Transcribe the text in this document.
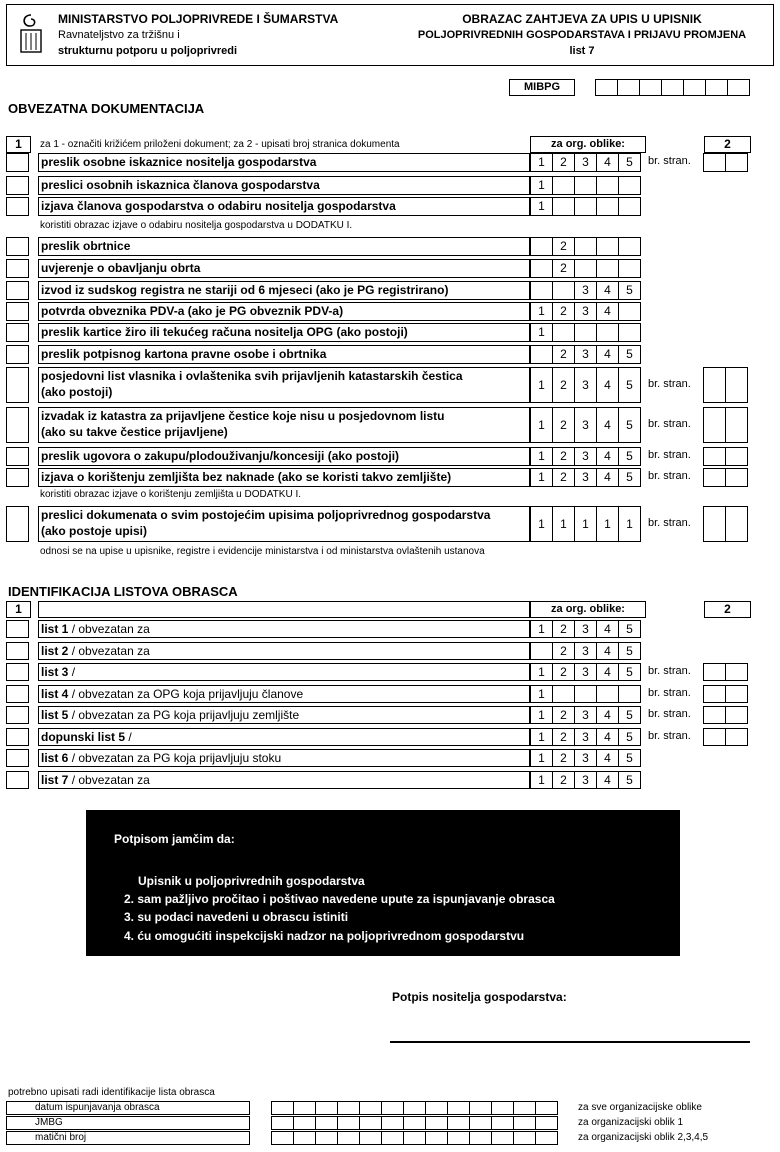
MINISTARSTVO POLJOPRIVREDE I ŠUMARSTVA
Ravnateljstvo za tržišnu i
strukturnu potporu u poljoprivredi
OBRAZAC ZAHTJEVA ZA UPIS U UPISNIK
POLJOPRIVREDNIH GOSPODARSTAVA I PRIJAVU PROMJENA
list 7
MIBPG
OBVEZATNA DOKUMENTACIJA
1	za 1 - označiti križićem priloženi dokument; za 2 - upisati broj stranica dokumenta	za org. oblike:	2
preslik osobne iskaznice nositelja gospodarstva	1	2	3	4	5	br. stran.
preslici osobnih iskaznica članova gospodarstva	1
izjava članova gospodarstva o odabiru nositelja gospodarstva	1
preslik obrtnice	2
uvjerenje o obavljanju obrta	2
izvod iz sudskog registra ne stariji od 6 mjeseci (ako je PG registrirano)	3	4	5
potvrda obveznika PDV-a (ako je PG obveznik PDV-a)	1	2	3	4
preslik kartice žiro ili tekućeg računa nositelja OPG (ako postoji)	1
preslik potpisnog kartona pravne osobe i obrtnika	2	3	4	5
posjedovni list vlasnika i ovlaštenika svih prijavljenih katastarskih čestica
(ako postoji)	1	2	3	4	5	br. stran.
izvadak iz katastra za prijavljene čestice koje nisu u posjedovnom listu
(ako su takve čestice prijavljene)	1	2	3	4	5	br. stran.
preslik ugovora o zakupu/plodouživanju/koncesiji (ako postoji)	1	2	3	4	5	br. stran.
izjava o korištenju zemljišta bez naknade (ako se koristi takvo zemljište)	1	2	3	4	5	br. stran.
preslici dokumenata o svim postojećim upisima poljoprivrednog gospodarstva
(ako postoje upisi)	1	1	1	1	1	br. stran.
koristiti obrazac izjave o odabiru nositelja gospodarstva u DODATKU I.
koristiti obrazac izjave o korištenju zemljišta u DODATKU I.
odnosi se na upise u upisnike, registre i evidencije ministarstva i od ministarstva ovlaštenih ustanova
IDENTIFIKACIJA LISTOVA OBRASCA
1	za org. oblike:	2
list 1 / obvezatan za	1	2	3	4	5
list 2 / obvezatan za	2	3	4	5
list 3 /	1	2	3	4	5	br. stran.
list 4 / obvezatan za OPG koja prijavljuju članove	1	br. stran.
list 5 / obvezatan za PG koja prijavljuju zemljište	1	2	3	4	5	br. stran.
dopunski list 5 /	1	2	3	4	5	br. stran.
list 6 / obvezatan za PG koja prijavljuju stoku	1	2	3	4	5
list 7 / obvezatan za	1	2	3	4	5
Potpisom jamčim da:
Upisnik u poljoprivrednih gospodarstva
2. sam pažljivo pročitao i poštivao navedene upute za ispunjavanje obrasca
3. su podaci navedeni u obrascu istiniti
4. ću omogućiti inspekcijski nadzor na poljoprivrednom gospodarstvu
Potpis nositelja gospodarstva:
potrebno upisati radi identifikacije lista obrasca
datum ispunjavanja obrasca	za sve organizacijske oblike
JMBG	za organizacijski oblik 1
matični broj	za organizacijski oblik 2,3,4,5
